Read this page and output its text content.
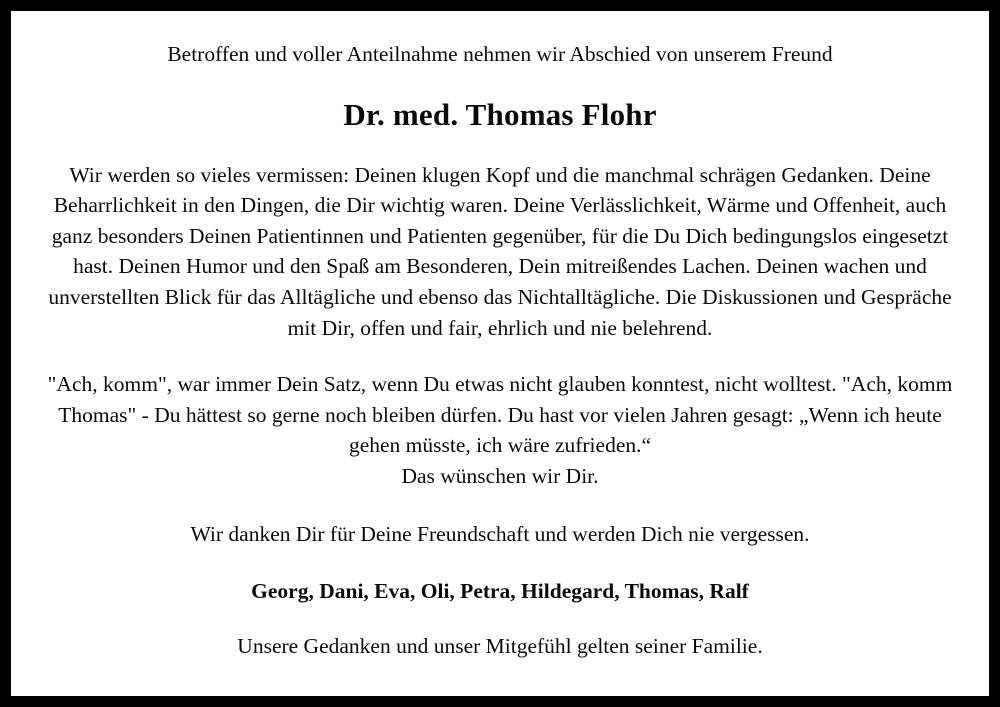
Betroffen und voller Anteilnahme nehmen wir Abschied von unserem Freund
Dr. med. Thomas Flohr
Wir werden so vieles vermissen: Deinen klugen Kopf und die manchmal schrägen Gedanken. Deine Beharrlichkeit in den Dingen, die Dir wichtig waren. Deine Verlässlichkeit, Wärme und Offenheit, auch ganz besonders Deinen Patientinnen und Patienten gegenüber, für die Du Dich bedingungslos eingesetzt hast. Deinen Humor und den Spaß am Besonderen, Dein mitreißendes Lachen. Deinen wachen und unverstellten Blick für das Alltägliche und ebenso das Nichtalltägliche. Die Diskussionen und Gespräche mit Dir, offen und fair, ehrlich und nie belehrend.
"Ach, komm", war immer Dein Satz, wenn Du etwas nicht glauben konntest, nicht wolltest. "Ach, komm Thomas" - Du hättest so gerne noch bleiben dürfen. Du hast vor vielen Jahren gesagt: „Wenn ich heute gehen müsste, ich wäre zufrieden.“
Das wünschen wir Dir.
Wir danken Dir für Deine Freundschaft und werden Dich nie vergessen.
Georg, Dani, Eva, Oli, Petra, Hildegard, Thomas, Ralf
Unsere Gedanken und unser Mitgefühl gelten seiner Familie.
